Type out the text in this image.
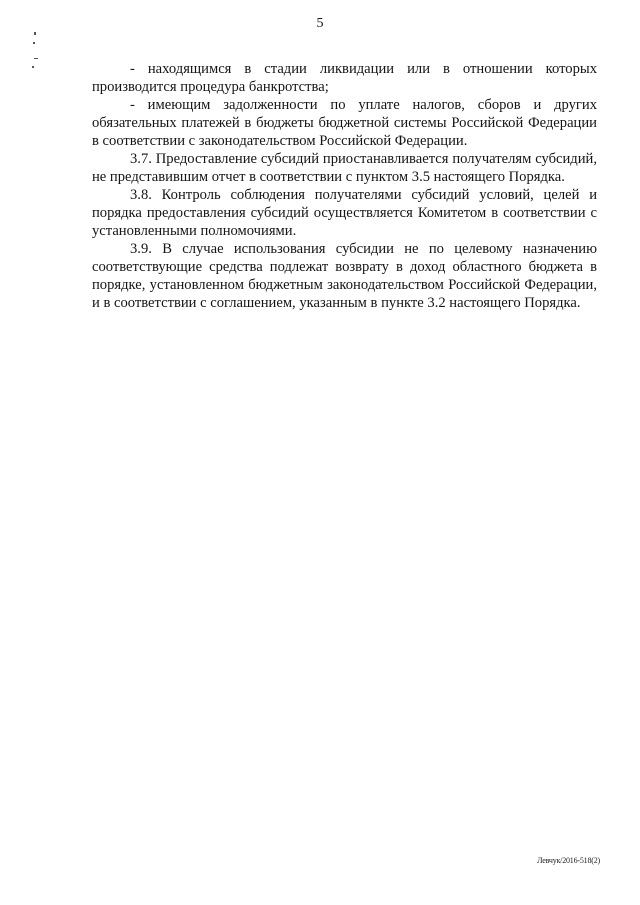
5

- находящимся в стадии ликвидации или в отношении которых производится процедура банкротства;

- имеющим задолженности по уплате налогов, сборов и других обязательных платежей в бюджеты бюджетной системы Российской Федерации в соответствии с законодательством Российской Федерации.

3.7. Предоставление субсидий приостанавливается получателям субсидий, не представившим отчет в соответствии с пунктом 3.5 настоящего Порядка.

3.8. Контроль соблюдения получателями субсидий условий, целей и порядка предоставления субсидий осуществляется Комитетом в соответствии с установленными полномочиями.

3.9. В случае использования субсидии не по целевому назначению соответствующие средства подлежат возврату в доход областного бюджета в порядке, установленном бюджетным законодательством Российской Федерации, и в соответствии с соглашением, указанным в пункте 3.2 настоящего Порядка.

Левчук/2016-518(2)
